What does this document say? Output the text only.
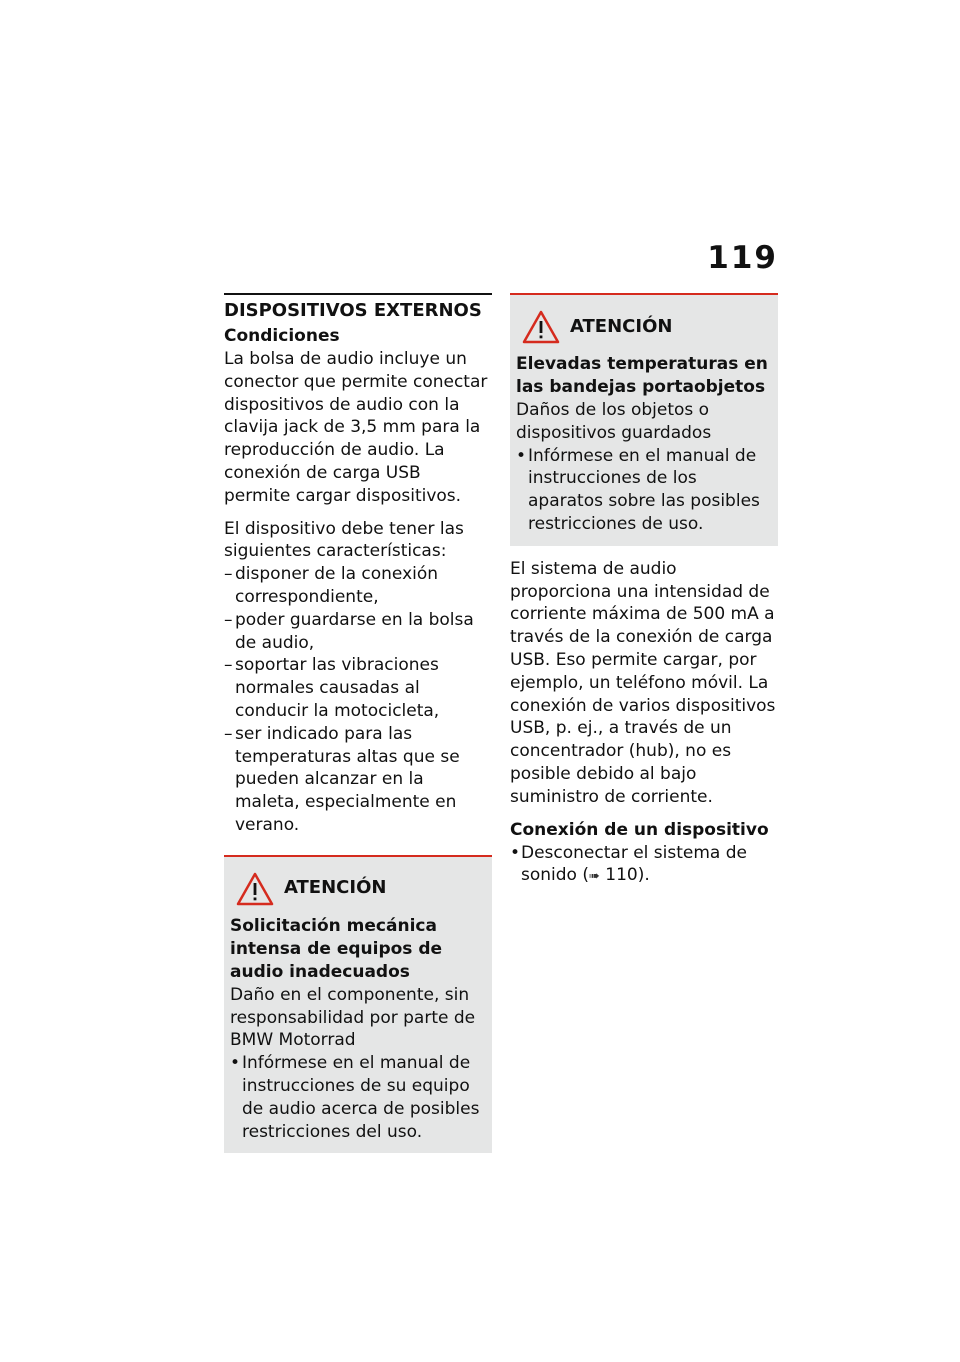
119
DISPOSITIVOS EXTERNOS
Condiciones

La bolsa de audio incluye un conector que permite conectar dispositivos de audio con la clavija jack de 3,5 mm para la reproducción de audio. La conexión de carga USB permite cargar dispositivos.

El dispositivo debe tener las siguientes características:

– disponer de la conexión correspondiente,
– poder guardarse en la bolsa de audio,
– soportar las vibraciones normales causadas al conducir la motocicleta,
– ser indicado para las temperaturas altas que se pueden alcanzar en la maleta, especialmente en verano.
ATENCIÓN
Solicitación mecánica intensa de equipos de audio inadecuados

Daño en el componente, sin responsabilidad por parte de BMW Motorrad

• Infórmese en el manual de instrucciones de su equipo de audio acerca de posibles restricciones del uso.
ATENCIÓN
Elevadas temperaturas en las bandejas portaobjetos

Daños de los objetos o dispositivos guardados

• Infórmese en el manual de instrucciones de los aparatos sobre las posibles restricciones de uso.

El sistema de audio proporciona una intensidad de corriente máxima de 500 mA a través de la conexión de carga USB. Eso permite cargar, por ejemplo, un teléfono móvil. La conexión de varios dispositivos USB, p. ej., a través de un concentrador (hub), no es posible debido al bajo suministro de corriente.

Conexión de un dispositivo
• Desconectar el sistema de sonido (➠ 110).
